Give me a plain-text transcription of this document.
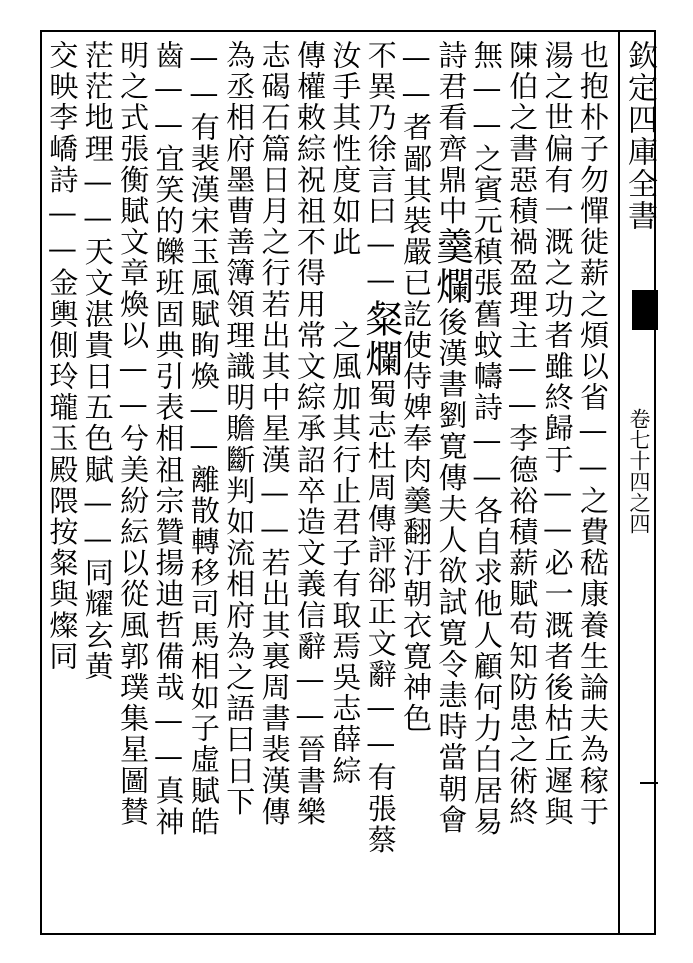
欽定四庫全書
卷七十四之四
也抱朴子勿憚徙薪之煩以省——之費嵇康養生論夫為稼于
湯之世偏有一溉之功者雖終歸于——必一溉者後枯丘遲與
陳伯之書惡積禍盈理主——李德裕積薪賦苟知防患之術終
無——之賓元稹張舊蚊幬詩——各自求他人顧何力白居易
詩君看齊鼎中羹爛後漢書劉寛傳夫人欲試寛令恚時當朝會
——者鄙其裝嚴已訖使侍婢奉肉羹翻汙朝衣寛神色
不異乃徐言曰——粲爛蜀志杜周傳評郤正文辭——有張蔡
汝手其性度如此　　之風加其行止君子有取焉吳志薛綜
傳權敕綜祝祖不得用常文綜承詔卒造文義信辭——晉書樂
志碣石篇日月之行若出其中星漢——若出其裏周書裴漢傳
為丞相府墨曹善簿領理識明贍斷判如流相府為之語曰日下
——有裴漢宋玉風賦眴煥——離散轉移司馬相如子虛賦皓
齒——宜笑的皪班固典引表相祖宗贊揚迪哲備哉——真神
明之式張衡賦文章煥以——兮美紛紜以從風郭璞集星圖賛
茫茫地理——天文湛貴日五色賦——同耀玄黄
交映李嶠詩——金輿側玲瓏玉殿隈按粲與燦同
